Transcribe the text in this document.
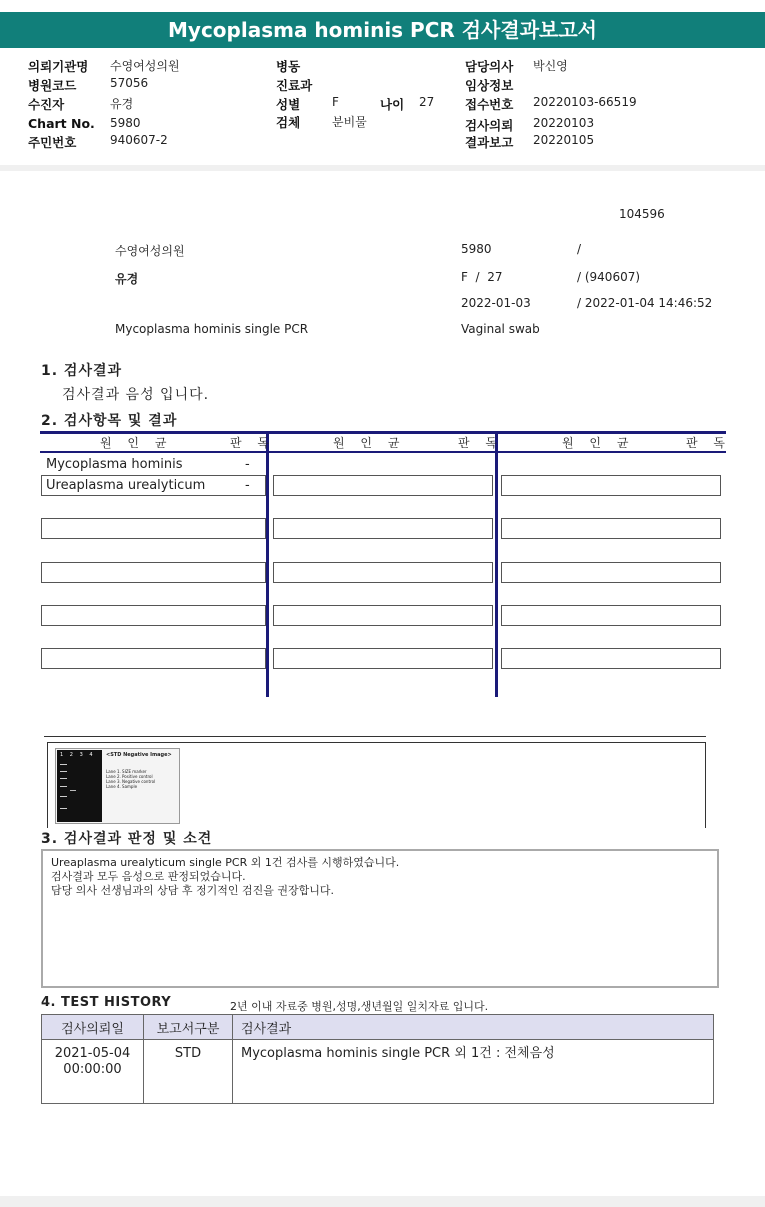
Mycoplasma hominis PCR 검사결과보고서
의뢰기관명 수영여성의원
병원코드	57056
수진자	유경
Chart No. 5980
주민번호	940607-2
병동
진료과
성별	F	나이 27
검체	분비물
담당의사 박신영
임상정보
접수번호 20220103-66519
검사의뢰 20220103
결과보고 20220105
104596
수영여성의원	5980	/
유경	F  /  27	/ (940607)
2022-01-03	/ 2022-01-04 14:46:52
Mycoplasma hominis single PCR	Vaginal swab
1. 검사결과
검사결과 음성 입니다.
2. 검사항목 및 결과
원 인 균	판 독	원 인 균	판 독	원 인 균	판 독
Mycoplasma hominis	-
Ureaplasma urealyticum	-
1 2 3 4	<STD Negative Image>
Lane 1. SIZE marker
Lane 2. Positive control
Lane 3. Negative control
Lane 4. Sample
3. 검사결과 판정 및 소견
Ureaplasma urealyticum single PCR 외 1건 검사를 시행하였습니다.
검사결과 모두 음성으로 판정되었습니다.
담당 의사 선생님과의 상담 후 정기적인 검진을 권장합니다.
4. TEST HISTORY	2년 이내 자료중 병원,성명,생년월일 일치자료 입니다.
검사의뢰일	보고서구분	검사결과

2021-05-04
00:00:00	STD	Mycoplasma hominis single PCR 외 1건 : 전체음성
